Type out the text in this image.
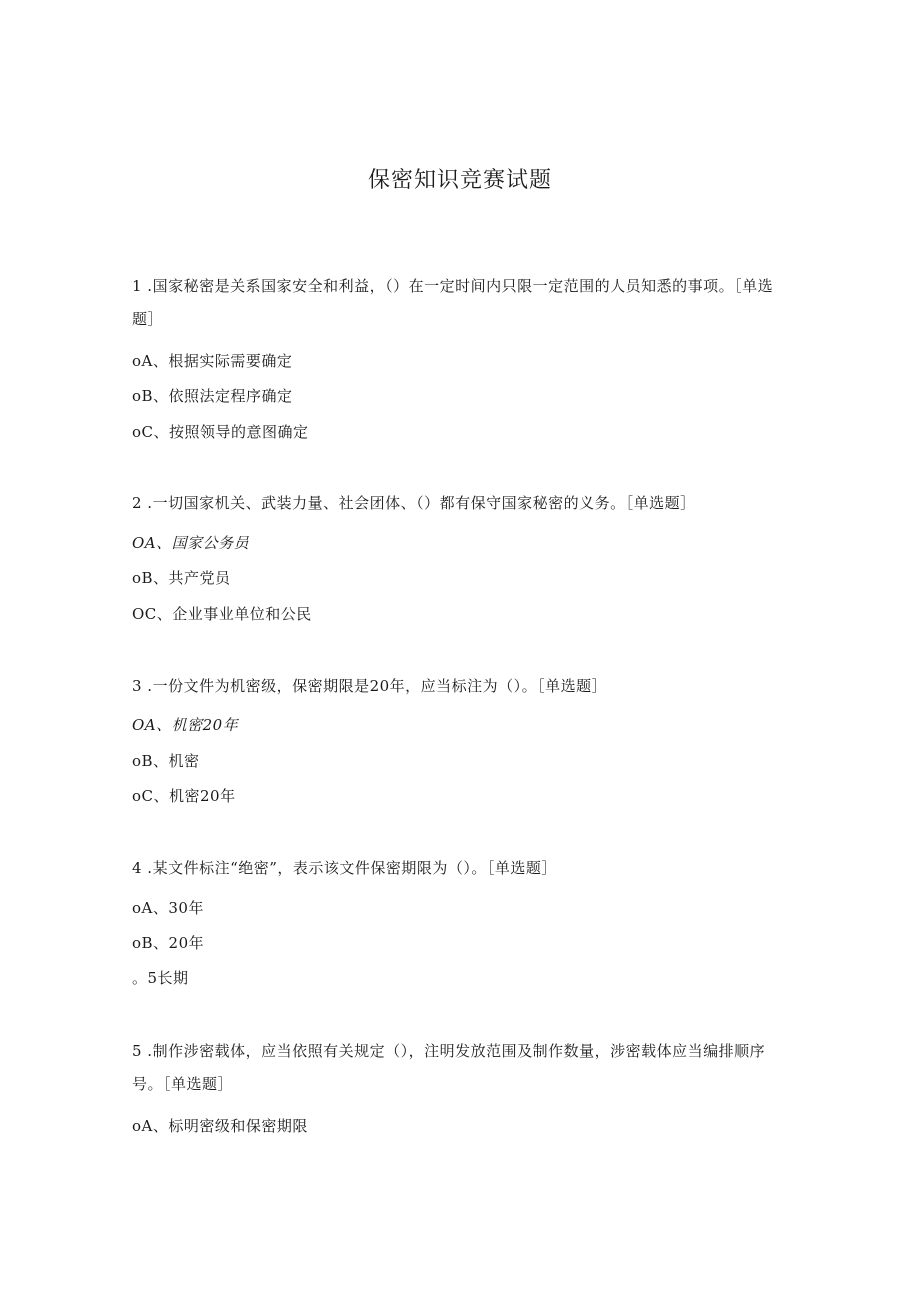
保密知识竞赛试题

1 .国家秘密是关系国家安全和利益，（）在一定时间内只限一定范围的人员知悉的事项。［单选题］

oA、根据实际需要确定

oB、依照法定程序确定

oC、按照领导的意图确定

2 .一切国家机关、武装力量、社会团体、（）都有保守国家秘密的义务。［单选题］

OA、国家公务员

oB、共产党员

OC、企业事业单位和公民

3 .一份文件为机密级，保密期限是20年，应当标注为（）。［单选题］

OA、机密20年

oB、机密

oC、机密20年

4 .某文件标注“绝密”，表示该文件保密期限为（）。［单选题］

oA、30年

oB、20年

。5长期

5 .制作涉密载体，应当依照有关规定（），注明发放范围及制作数量，涉密载体应当编排顺序号。［单选题］

oA、标明密级和保密期限
